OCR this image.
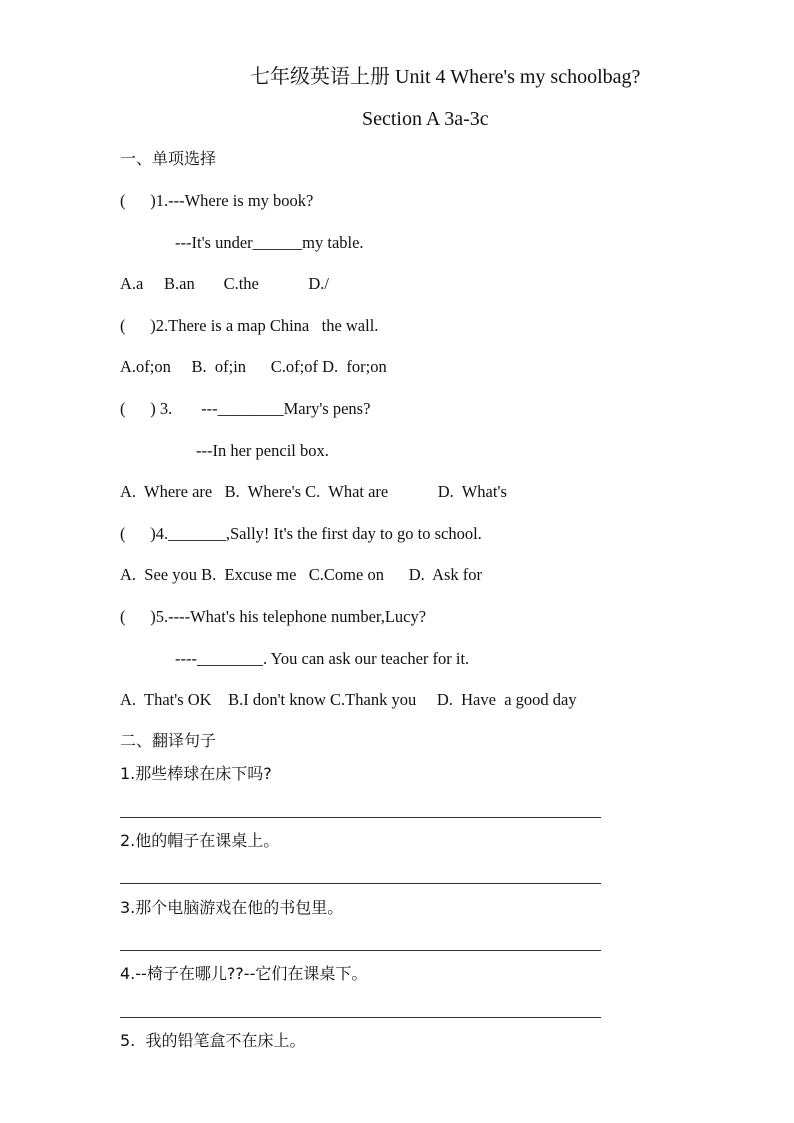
七年级英语上册 Unit 4 Where's my schoolbag?
Section A 3a-3c
一、单项选择
(      )1.---Where is my book?
---It's under______my table.
A.a     B.an       C.the            D./
(      )2.There is a map China   the wall.
A.of;on     B.  of;in      C.of;of D.  for;on
(      ) 3.       ---________Mary's pens?
---In her pencil box.
A.  Where are   B.  Where's C.  What are            D.  What's
(      )4._______,Sally! It's the first day to go to school.
A.  See you B.  Excuse me   C.Come on      D.  Ask for
(      )5.----What's his telephone number,Lucy?
----________. You can ask our teacher for it.
A.  That's OK    B.I don't know C.Thank you     D.  Have  a good day
二、翻译句子
1.那些棒球在床下吗?
2.他的帽子在课桌上。
3.那个电脑游戏在他的书包里。
4.--椅子在哪儿??--它们在课桌下。
5.  我的铅笔盒不在床上。
